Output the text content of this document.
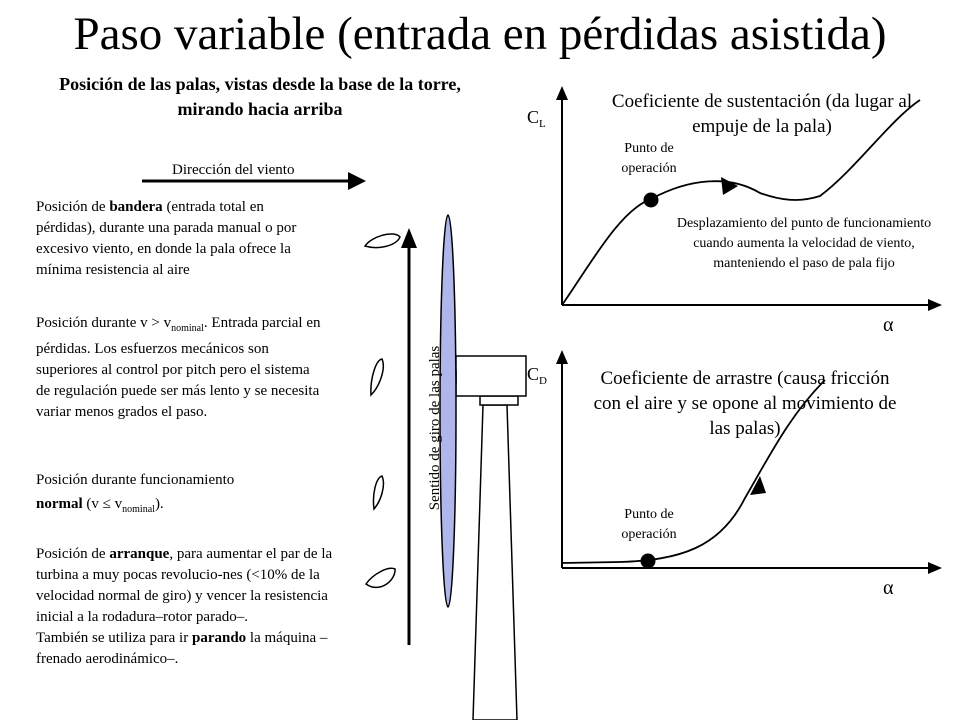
Paso variable (entrada en pérdidas asistida)
Posición de las palas, vistas desde la base de la torre, mirando hacia arriba
Dirección del viento
$C_L$
α
$C_D$
α
Sentido de giro de las palas
Posición de bandera (entrada total en pérdidas), durante una parada manual o por excesivo viento, en donde la pala ofrece la mínima resistencia al aire
Posición durante $v > v_{nominal}$. Entrada parcial en pérdidas. Los esfuerzos mecánicos son superiores al control por pitch pero el sistema de regulación puede ser más lento y se necesita variar menos grados el paso.
Posición durante funcionamiento
normal $(v \le v_{nominal})$.
Posición de arranque, para aumentar el par de la turbina a muy pocas revolucio-nes (<10% de la velocidad normal de giro) y vencer la resistencia inicial a la rodadura–rotor parado–.
También se utiliza para ir parando la máquina –frenado aerodinámico–.
Coeficiente de sustentación (da lugar al empuje de la pala)
Punto de operación
Desplazamiento del punto de funcionamiento cuando aumenta la velocidad de viento, manteniendo el paso de pala fijo
Coeficiente de arrastre (causa fricción con el aire y se opone al movimiento de las palas)
Punto de operación
